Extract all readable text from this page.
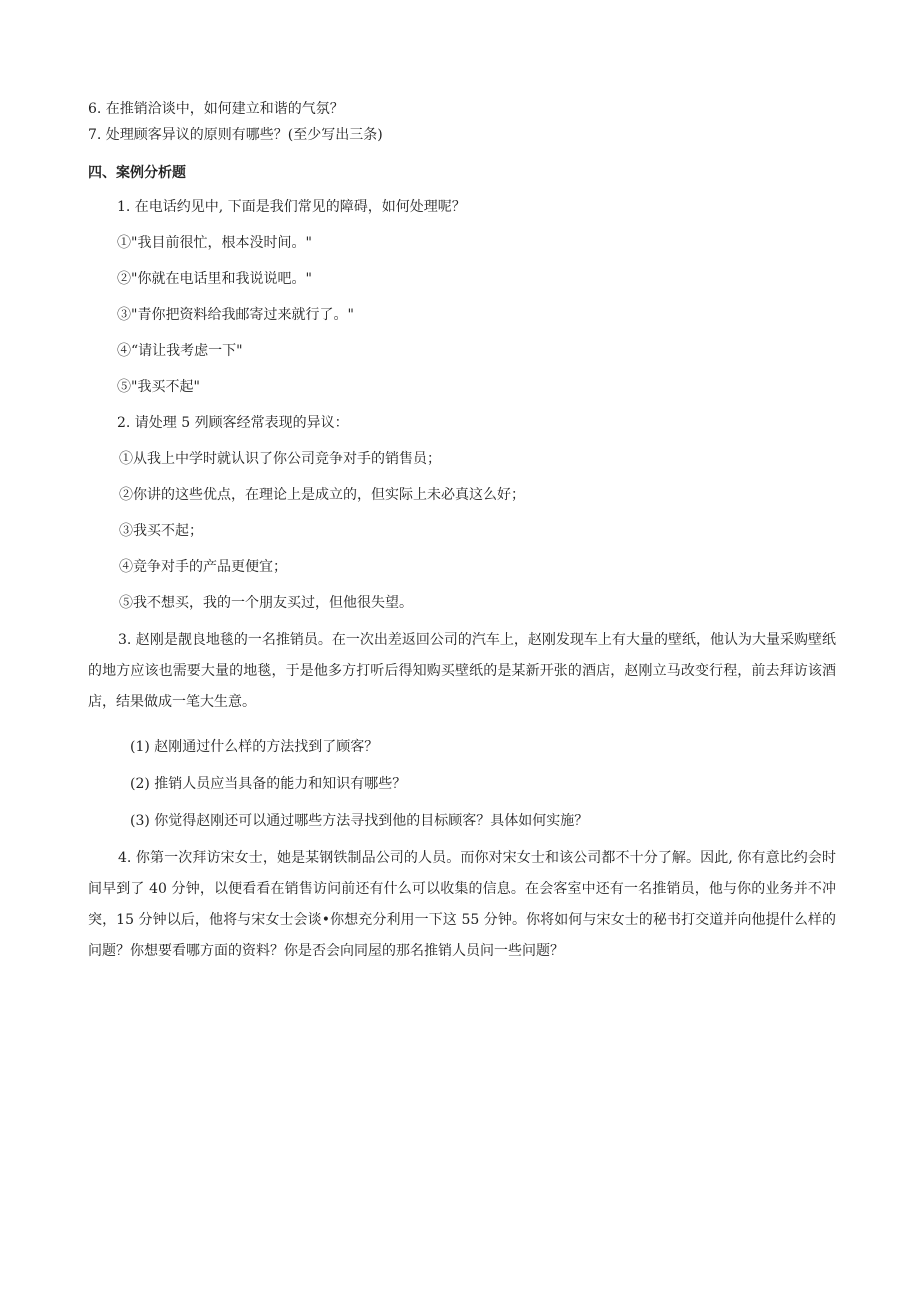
6. 在推销洽谈中，如何建立和谐的气氛？
7. 处理顾客异议的原则有哪些？(至少写出三条)
四、案例分析题
1. 在电话约见中, 下面是我们常见的障碍，如何处理呢？
①"我目前很忙，根本没时间。"
②"你就在电话里和我说说吧。"
③"青你把资料给我邮寄过来就行了。"
④“请让我考虑一下"
⑤"我买不起"
2. 请处理 5 列顾客经常表现的异议：
①从我上中学时就认识了你公司竞争对手的销售员；
②你讲的这些优点，在理论上是成立的，但实际上未必真这么好；
③我买不起；
④竞争对手的产品更便宜；
⑤我不想买，我的一个朋友买过，但他很失望。
3. 赵刚是靓良地毯的一名推销员。在一次出差返回公司的汽车上，赵刚发现车上有大量的壁纸，他认为大量采购壁纸的地方应该也需要大量的地毯，于是他多方打听后得知购买壁纸的是某新开张的酒店，赵刚立马改变行程，前去拜访该酒店，结果做成一笔大生意。
(1) 赵刚通过什么样的方法找到了顾客？
(2) 推销人员应当具备的能力和知识有哪些？
(3) 你觉得赵刚还可以通过哪些方法寻找到他的目标顾客？具体如何实施？
4. 你第一次拜访宋女士，她是某钢铁制品公司的人员。而你对宋女士和该公司都不十分了解。因此, 你有意比约会时间早到了 40 分钟，以便看看在销售访问前还有什么可以收集的信息。在会客室中还有一名推销员，他与你的业务并不冲突，15 分钟以后，他将与宋女士会谈•你想充分利用一下这 55 分钟。你将如何与宋女士的秘书打交道并向他提什么样的问题？你想要看哪方面的资料？你是否会向同屋的那名推销人员问一些问题？
